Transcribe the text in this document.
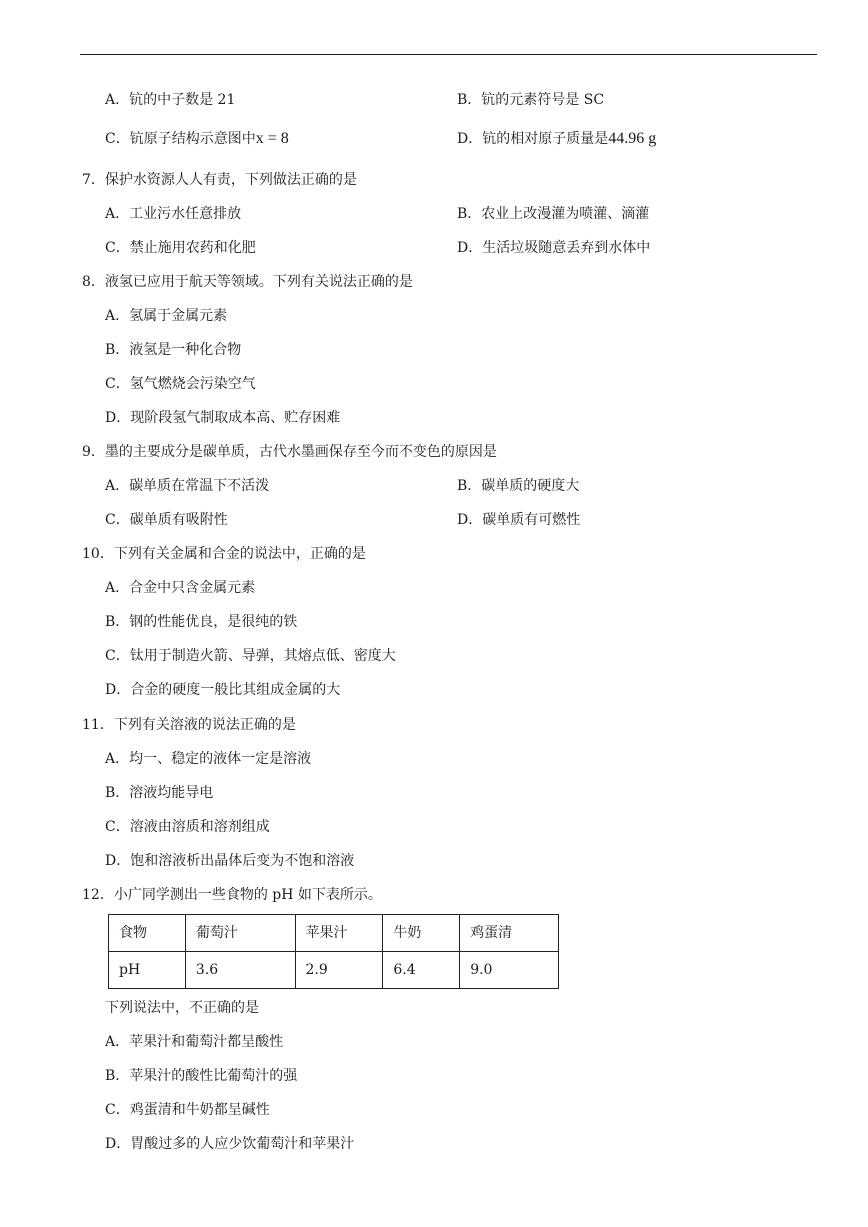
A．钪的中子数是 21	B．钪的元素符号是 SC
C．钪原子结构示意图中x = 8	D．钪的相对原子质量是44.96 g
7．保护水资源人人有责，下列做法正确的是
A．工业污水任意排放	B．农业上改漫灌为喷灌、滴灌
C．禁止施用农药和化肥	D．生活垃圾随意丢弃到水体中
8．液氢已应用于航天等领域。下列有关说法正确的是
A．氢属于金属元素
B．液氢是一种化合物
C．氢气燃烧会污染空气
D．现阶段氢气制取成本高、贮存困难
9．墨的主要成分是碳单质，古代水墨画保存至今而不变色的原因是
A．碳单质在常温下不活泼	B．碳单质的硬度大
C．碳单质有吸附性	D．碳单质有可燃性
10．下列有关金属和合金的说法中，正确的是
A．合金中只含金属元素
B．钢的性能优良，是很纯的铁
C．钛用于制造火箭、导弹，其熔点低、密度大
D．合金的硬度一般比其组成金属的大
11．下列有关溶液的说法正确的是
A．均一、稳定的液体一定是溶液
B．溶液均能导电
C．溶液由溶质和溶剂组成
D．饱和溶液析出晶体后变为不饱和溶液
12．小广同学测出一些食物的 pH 如下表所示。
食物	葡萄汁	苹果汁	牛奶	鸡蛋清
pH	3.6	2.9	6.4	9.0
下列说法中，不正确的是
A．苹果汁和葡萄汁都呈酸性
B．苹果汁的酸性比葡萄汁的强
C．鸡蛋清和牛奶都呈碱性
D．胃酸过多的人应少饮葡萄汁和苹果汁
